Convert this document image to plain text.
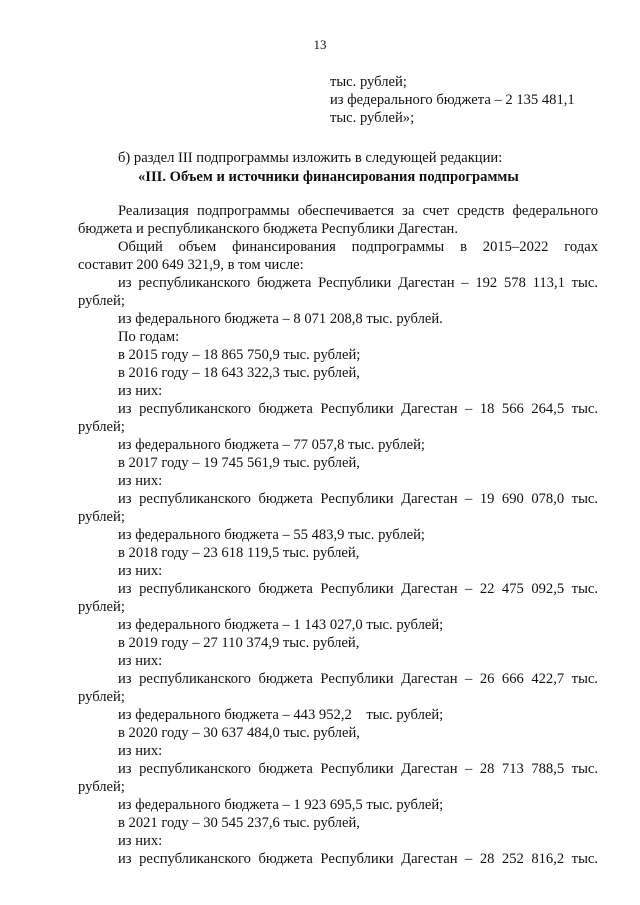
13
тыс. рублей;
из федерального бюджета – 2 135 481,1
тыс. рублей»;
б) раздел III подпрограммы изложить в следующей редакции:
«III. Объем и источники финансирования подпрограммы
Реализация подпрограммы обеспечивается за счет средств федерального
бюджета и республиканского бюджета Республики Дагестан.
Общий объем финансирования подпрограммы в 2015–2022 годах
составит 200 649 321,9, в том числе:
из республиканского бюджета Республики Дагестан – 192 578 113,1 тыс.
рублей;
из федерального бюджета – 8 071 208,8 тыс. рублей.
По годам:
в 2015 году – 18 865 750,9 тыс. рублей;
в 2016 году – 18 643 322,3 тыс. рублей,
из них:
из республиканского бюджета Республики Дагестан – 18 566 264,5 тыс.
рублей;
из федерального бюджета – 77 057,8 тыс. рублей;
в 2017 году – 19 745 561,9 тыс. рублей,
из них:
из республиканского бюджета Республики Дагестан – 19 690 078,0 тыс.
рублей;
из федерального бюджета – 55 483,9 тыс. рублей;
в 2018 году – 23 618 119,5 тыс. рублей,
из них:
из республиканского бюджета Республики Дагестан – 22 475 092,5 тыс.
рублей;
из федерального бюджета – 1 143 027,0 тыс. рублей;
в 2019 году – 27 110 374,9 тыс. рублей,
из них:
из республиканского бюджета Республики Дагестан – 26 666 422,7 тыс.
рублей;
из федерального бюджета – 443 952,2    тыс. рублей;
в 2020 году – 30 637 484,0 тыс. рублей,
из них:
из республиканского бюджета Республики Дагестан – 28 713 788,5 тыс.
рублей;
из федерального бюджета – 1 923 695,5 тыс. рублей;
в 2021 году – 30 545 237,6 тыс. рублей,
из них:
из республиканского бюджета Республики Дагестан – 28 252 816,2 тыс.
